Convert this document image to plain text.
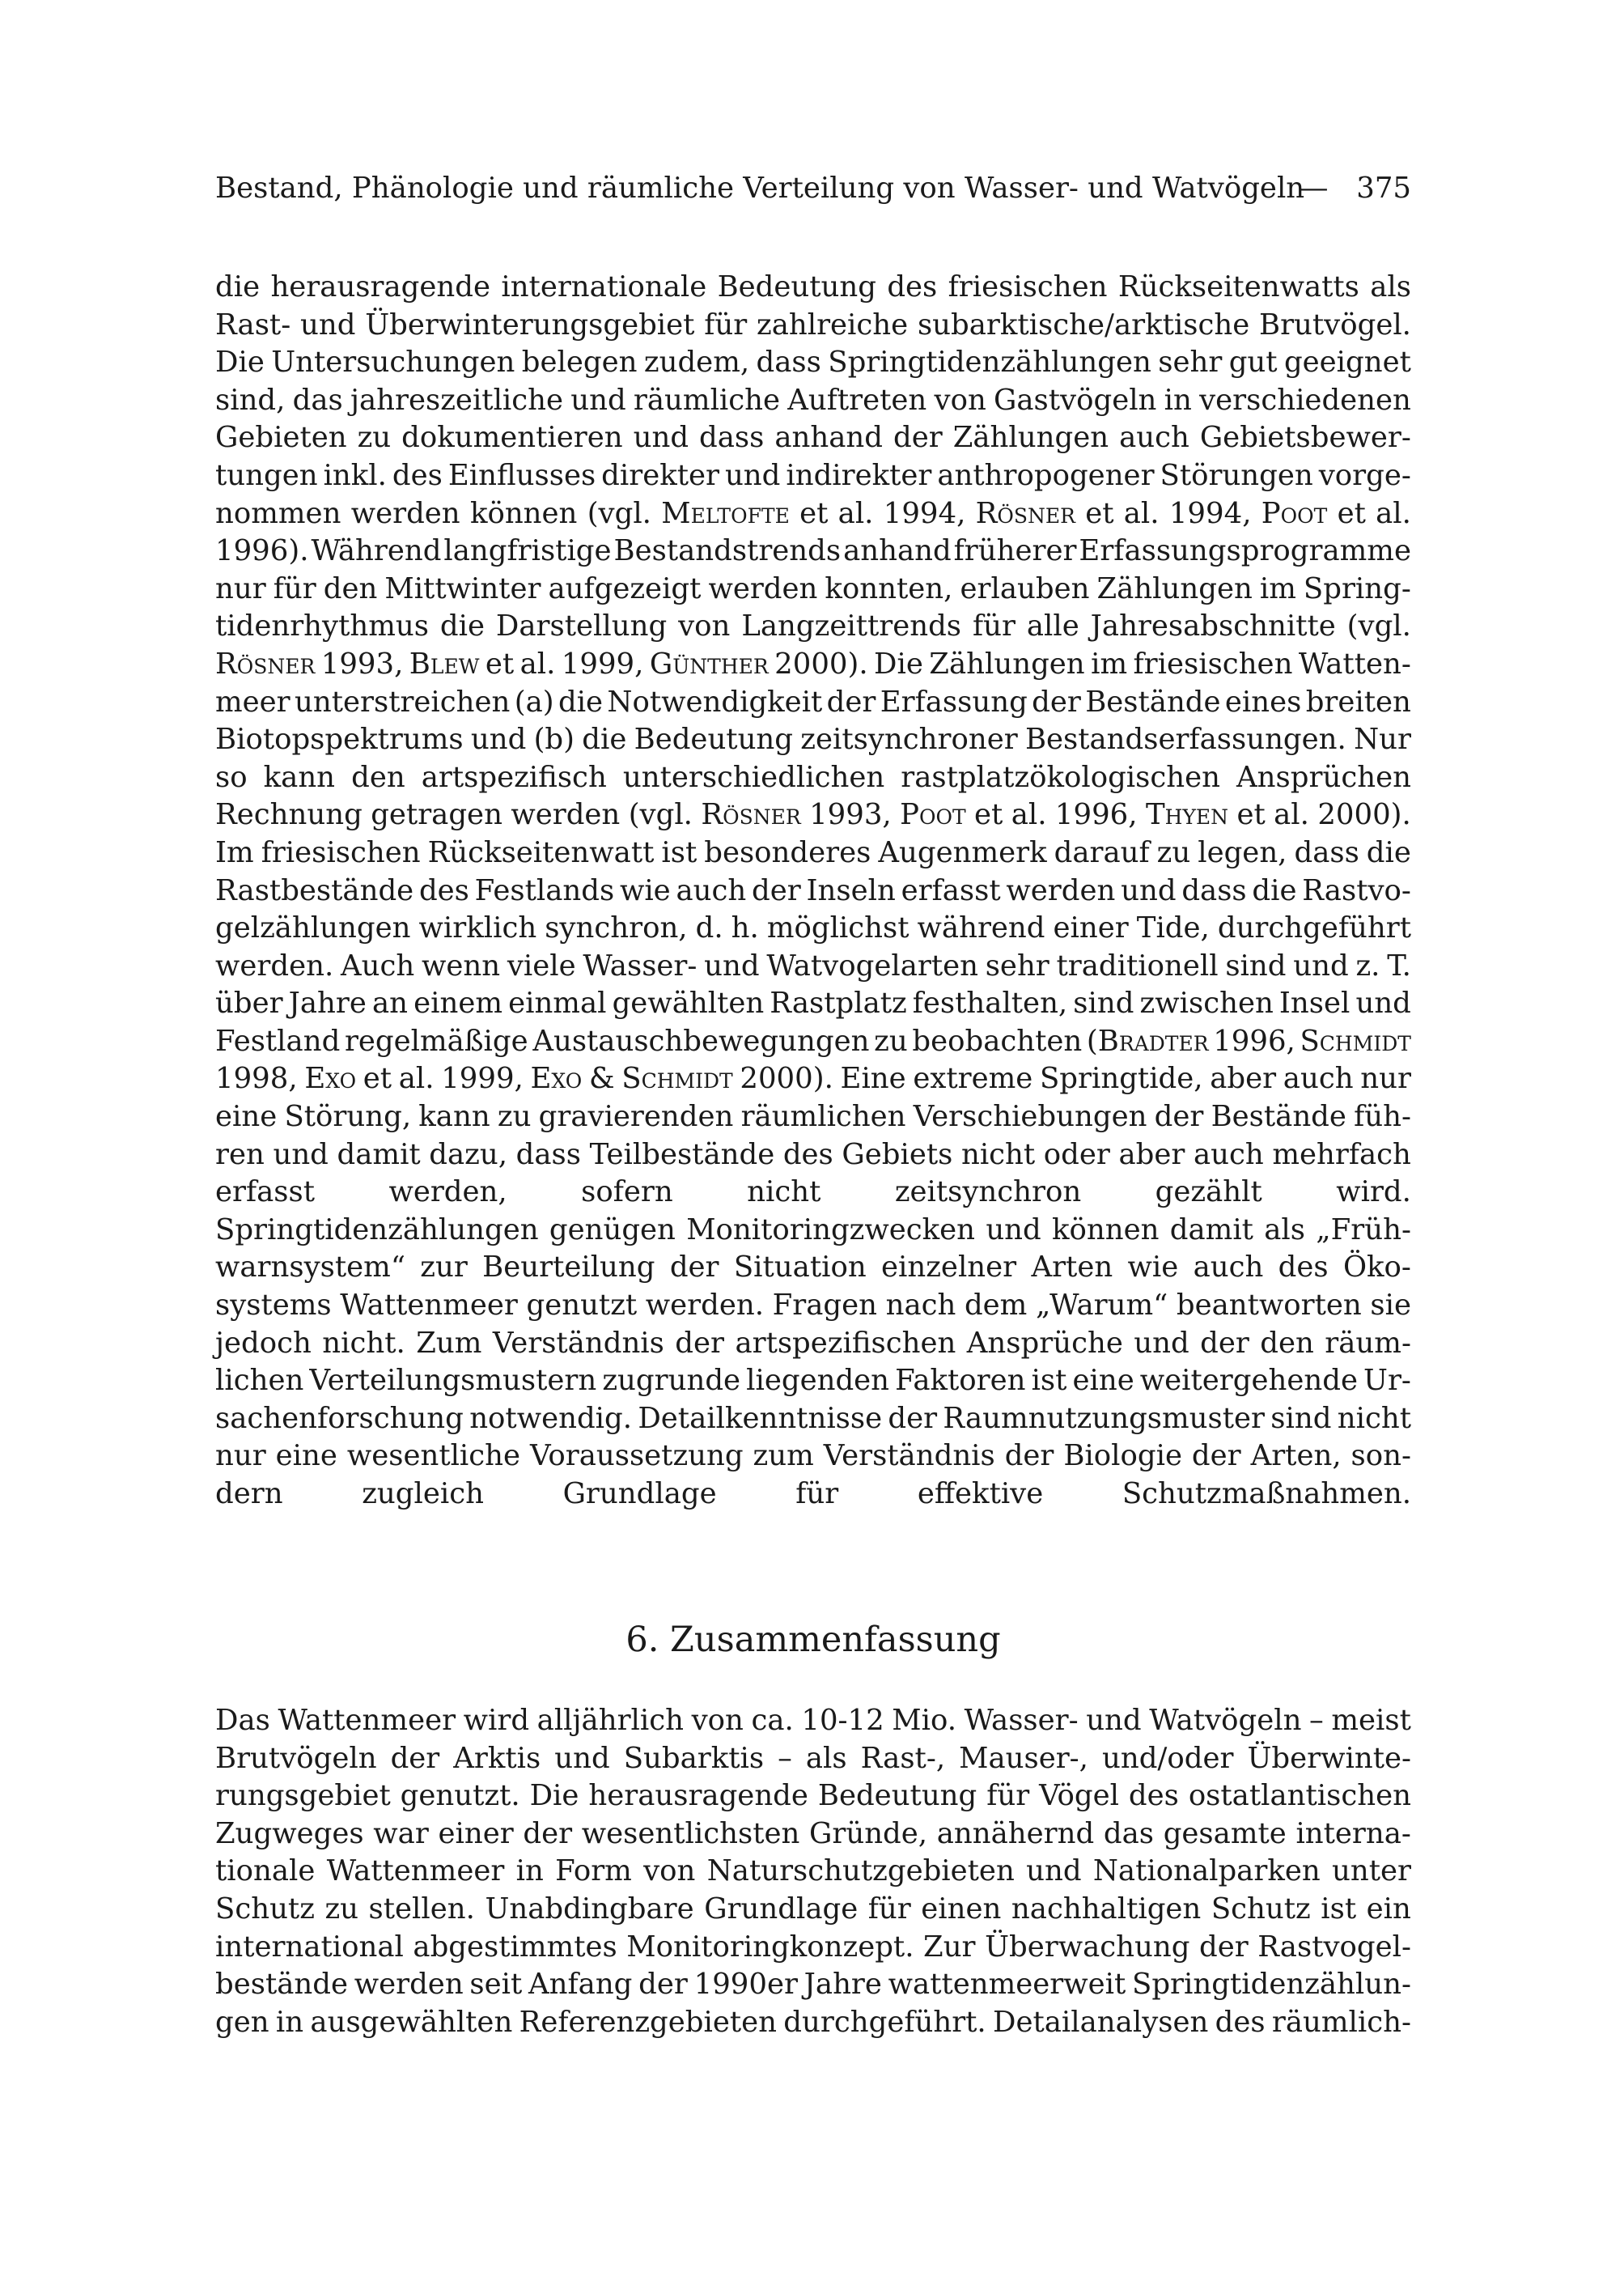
Bestand, Phänologie und räumliche Verteilung von Wasser- und Watvögeln
— 375
die herausragende internationale Bedeutung des friesischen Rückseitenwatts als
Rast- und Überwinterungsgebiet für zahlreiche subarktische/arktische Brutvögel.
Die Untersuchungen belegen zudem, dass Springtidenzählungen sehr gut geeignet
sind, das jahreszeitliche und räumliche Auftreten von Gastvögeln in verschiedenen
Gebieten zu dokumentieren und dass anhand der Zählungen auch Gebietsbewer-
tungen inkl. des Einflusses direkter und indirekter anthropogener Störungen vorge-
nommen werden können (vgl. Meltofte et al. 1994, Rösner et al. 1994, Poot et al.
1996). Während langfristige Bestandstrends anhand früherer Erfassungsprogramme
nur für den Mittwinter aufgezeigt werden konnten, erlauben Zählungen im Spring-
tidenrhythmus die Darstellung von Langzeittrends für alle Jahresabschnitte (vgl.
Rösner 1993, Blew et al. 1999, Günther 2000). Die Zählungen im friesischen Watten-
meer unterstreichen (a) die Notwendigkeit der Erfassung der Bestände eines breiten
Biotopspektrums und (b) die Bedeutung zeitsynchroner Bestandserfassungen. Nur
so kann den artspezifisch unterschiedlichen rastplatzökologischen Ansprüchen
Rechnung getragen werden (vgl. Rösner 1993, Poot et al. 1996, Thyen et al. 2000).
Im friesischen Rückseitenwatt ist besonderes Augenmerk darauf zu legen, dass die
Rastbestände des Festlands wie auch der Inseln erfasst werden und dass die Rastvo-
gelzählungen wirklich synchron, d. h. möglichst während einer Tide, durchgeführt
werden. Auch wenn viele Wasser- und Watvogelarten sehr traditionell sind und z. T.
über Jahre an einem einmal gewählten Rastplatz festhalten, sind zwischen Insel und
Festland regelmäßige Austauschbewegungen zu beobachten (Bradter 1996, Schmidt
1998, Exo et al. 1999, Exo & Schmidt 2000). Eine extreme Springtide, aber auch nur
eine Störung, kann zu gravierenden räumlichen Verschiebungen der Bestände füh-
ren und damit dazu, dass Teilbestände des Gebiets nicht oder aber auch mehrfach
erfasst	werden,	sofern	nicht	zeitsynchron	gezählt	wird.
Springtidenzählungen genügen Monitoringzwecken und können damit als „Früh-
warnsystem“ zur Beurteilung der Situation einzelner Arten wie auch des Öko-
systems Wattenmeer genutzt werden. Fragen nach dem „Warum“ beantworten sie
jedoch nicht. Zum Verständnis der artspezifischen Ansprüche und der den räum-
lichen Verteilungsmustern zugrunde liegenden Faktoren ist eine weitergehende Ur-
sachenforschung notwendig. Detailkenntnisse der Raumnutzungsmuster sind nicht
nur eine wesentliche Voraussetzung zum Verständnis der Biologie der Arten, son-
dern	zugleich	Grundlage	für	effektive	Schutzmaßnahmen.
6. Zusammenfassung
Das Wattenmeer wird alljährlich von ca. 10-12 Mio. Wasser- und Watvögeln – meist
Brutvögeln der Arktis und Subarktis – als Rast-, Mauser-, und/oder Überwinte-
rungsgebiet genutzt. Die herausragende Bedeutung für Vögel des ostatlantischen
Zugweges war einer der wesentlichsten Gründe, annähernd das gesamte interna-
tionale Wattenmeer in Form von Naturschutzgebieten und Nationalparken unter
Schutz zu stellen. Unabdingbare Grundlage für einen nachhaltigen Schutz ist ein
international abgestimmtes Monitoringkonzept. Zur Überwachung der Rastvogel-
bestände werden seit Anfang der 1990er Jahre wattenmeerweit Springtidenzählun-
gen in ausgewählten Referenzgebieten durchgeführt. Detailanalysen des räumlich-
